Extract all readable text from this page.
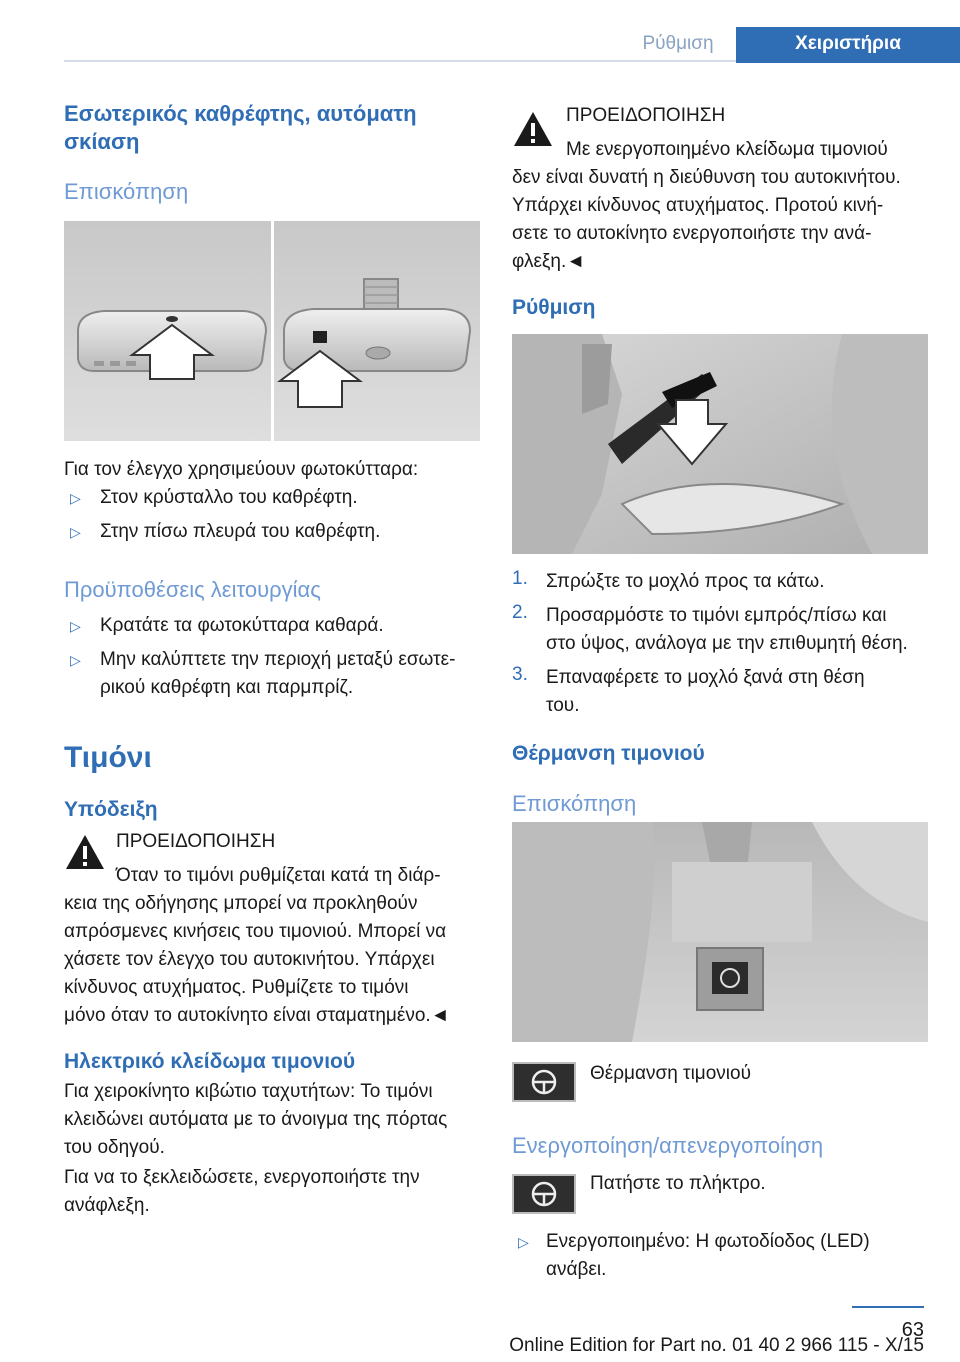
Ρύθμιση	Χειριστήρια
Εσωτερικός καθρέφτης, αυτόματη
σκίαση
Επισκόπηση
Για τον έλεγχο χρησιμεύουν φωτοκύτταρα:
▷ Στον κρύσταλλο του καθρέφτη.
▷ Στην πίσω πλευρά του καθρέφτη.
Προϋποθέσεις λειτουργίας
▷ Κρατάτε τα φωτοκύτταρα καθαρά.
▷ Μην καλύπτετε την περιοχή μεταξύ εσωτε-
ρικού καθρέφτη και παρμπρίζ.
Τιμόνι
Υπόδειξη
ΠΡΟΕΙΔΟΠΟΙΗΣΗ
Όταν το τιμόνι ρυθμίζεται κατά τη διάρ-
κεια της οδήγησης μπορεί να προκληθούν
απρόσμενες κινήσεις του τιμονιού. Μπορεί να
χάσετε τον έλεγχο του αυτοκινήτου. Υπάρχει
κίνδυνος ατυχήματος. Ρυθμίζετε το τιμόνι
μόνο όταν το αυτοκίνητο είναι σταματημένο.◄
Ηλεκτρικό κλείδωμα τιμονιού
Για χειροκίνητο κιβώτιο ταχυτήτων: Το τιμόνι
κλειδώνει αυτόματα με το άνοιγμα της πόρτας
του οδηγού.
Για να το ξεκλειδώσετε, ενεργοποιήστε την
ανάφλεξη.
ΠΡΟΕΙΔΟΠΟΙΗΣΗ
Με ενεργοποιημένο κλείδωμα τιμονιού
δεν είναι δυνατή η διεύθυνση του αυτοκινήτου.
Υπάρχει κίνδυνος ατυχήματος. Προτού κινή-
σετε το αυτοκίνητο ενεργοποιήστε την ανά-
φλεξη.◄
Ρύθμιση
1. Σπρώξτε το μοχλό προς τα κάτω.
2. Προσαρμόστε το τιμόνι εμπρός/πίσω και
στο ύψος, ανάλογα με την επιθυμητή θέση.
3. Επαναφέρετε το μοχλό ξανά στη θέση
του.
Θέρμανση τιμονιού
Επισκόπηση
Θέρμανση τιμονιού
Ενεργοποίηση/απενεργοποίηση
Πατήστε το πλήκτρο.
▷ Ενεργοποιημένο: Η φωτοδίοδος (LED)
ανάβει.
63
Online Edition for Part no. 01 40 2 966 115 - X/15
